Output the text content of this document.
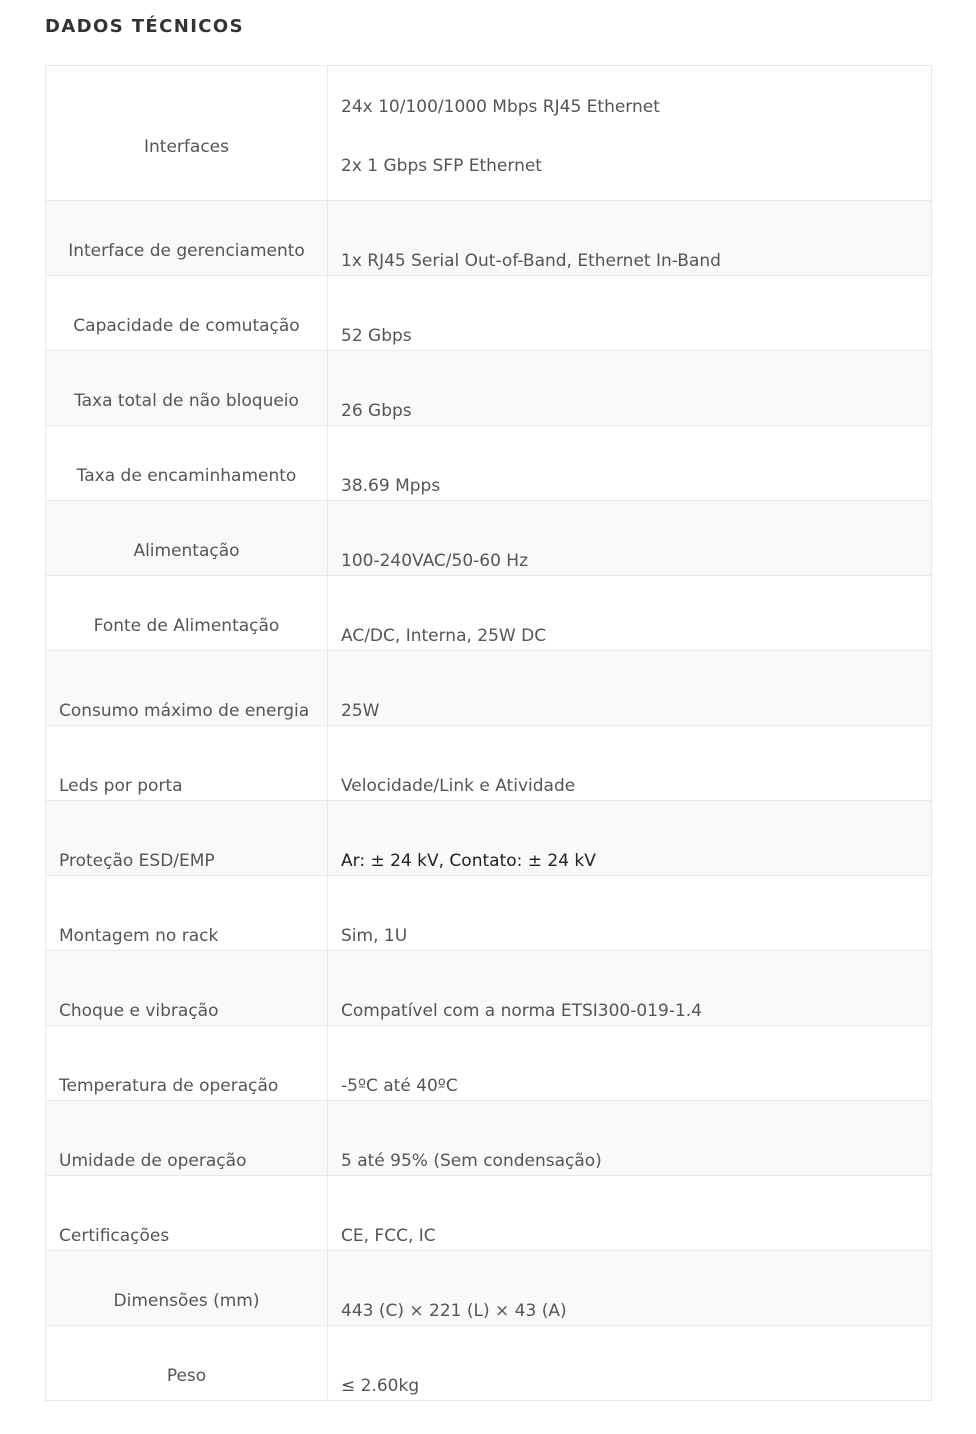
DADOS TÉCNICOS
Interfaces	24x 10/100/1000 Mbps RJ45 Ethernet
2x 1 Gbps SFP Ethernet

Interface de gerenciamento	1x RJ45 Serial Out-of-Band, Ethernet In-Band
Capacidade de comutação	52 Gbps
Taxa total de não bloqueio	26 Gbps
Taxa de encaminhamento	38.69 Mpps
Alimentação	100-240VAC/50-60 Hz
Fonte de Alimentação	AC/DC, Interna, 25W DC
Consumo máximo de energia	25W
Leds por porta	Velocidade/Link e Atividade
Proteção ESD/EMP	Ar: ± 24 kV, Contato: ± 24 kV
Montagem no rack	Sim, 1U
Choque e vibração	Compatível com a norma ETSI300-019-1.4
Temperatura de operação	-5ºC até 40ºC
Umidade de operação	5 até 95% (Sem condensação)
Certificações	CE, FCC, IC
Dimensões (mm)	443 (C) × 221 (L) × 43 (A)
Peso	≤ 2.60kg
